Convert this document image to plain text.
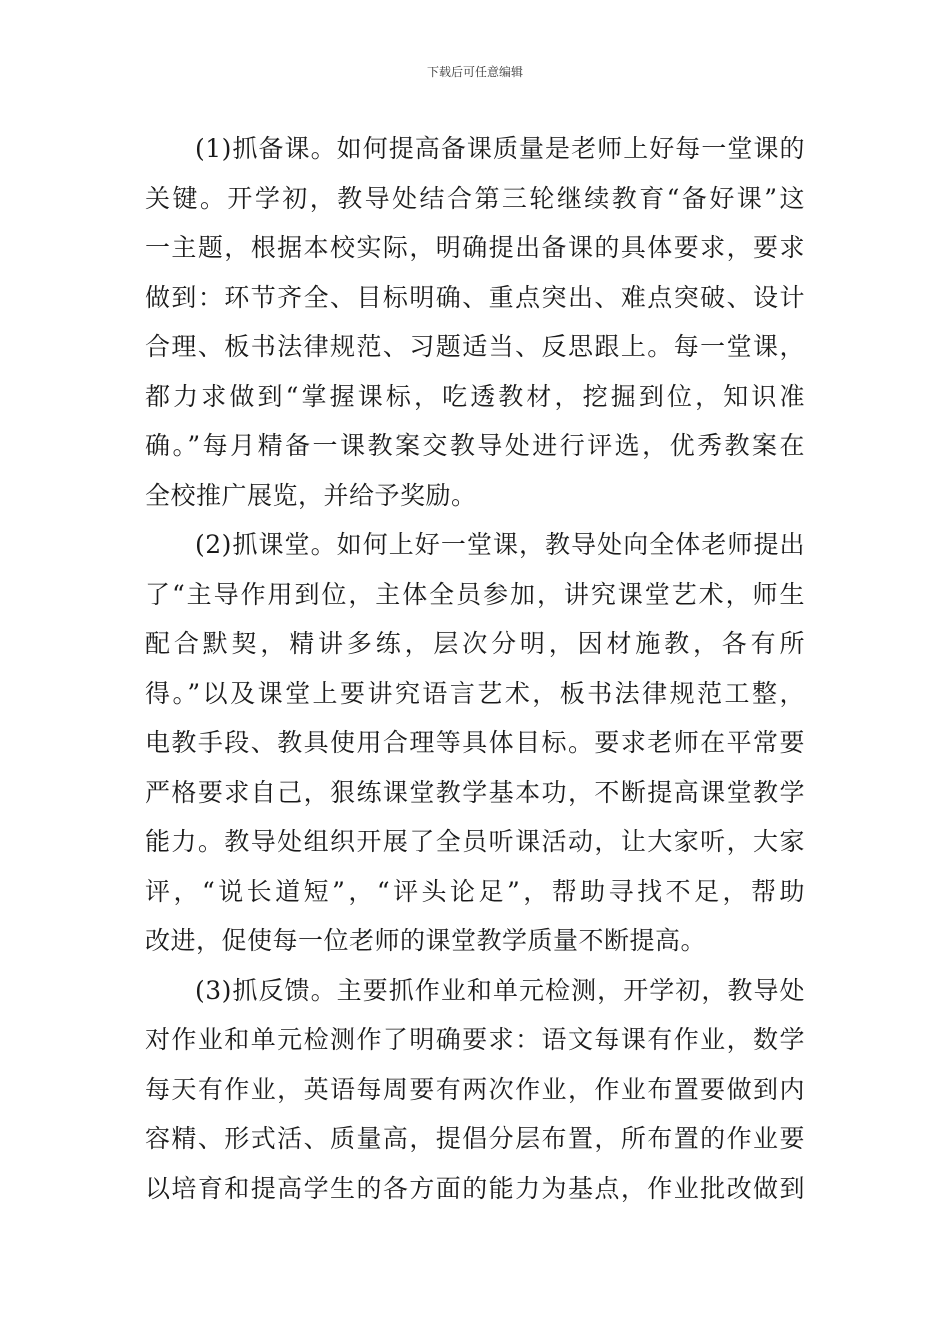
下载后可任意编辑
(1)抓备课。如何提高备课质量是老师上好每一堂课的
关键。开学初，教导处结合第三轮继续教育“备好课”这
一主题，根据本校实际，明确提出备课的具体要求，要求
做到：环节齐全、目标明确、重点突出、难点突破、设计
合理、板书法律规范、习题适当、反思跟上。每一堂课，
都力求做到“掌握课标，吃透教材，挖掘到位，知识准
确。”每月精备一课教案交教导处进行评选，优秀教案在
全校推广展览，并给予奖励。
(2)抓课堂。如何上好一堂课，教导处向全体老师提出
了“主导作用到位，主体全员参加，讲究课堂艺术，师生
配合默契，精讲多练，层次分明，因材施教，各有所
得。”以及课堂上要讲究语言艺术，板书法律规范工整，
电教手段、教具使用合理等具体目标。要求老师在平常要
严格要求自己，狠练课堂教学基本功，不断提高课堂教学
能力。教导处组织开展了全员听课活动，让大家听，大家
评，“说长道短”，“评头论足”，帮助寻找不足，帮助
改进，促使每一位老师的课堂教学质量不断提高。
(3)抓反馈。主要抓作业和单元检测，开学初，教导处
对作业和单元检测作了明确要求：语文每课有作业，数学
每天有作业，英语每周要有两次作业，作业布置要做到内
容精、形式活、质量高，提倡分层布置，所布置的作业要
以培育和提高学生的各方面的能力为基点，作业批改做到
